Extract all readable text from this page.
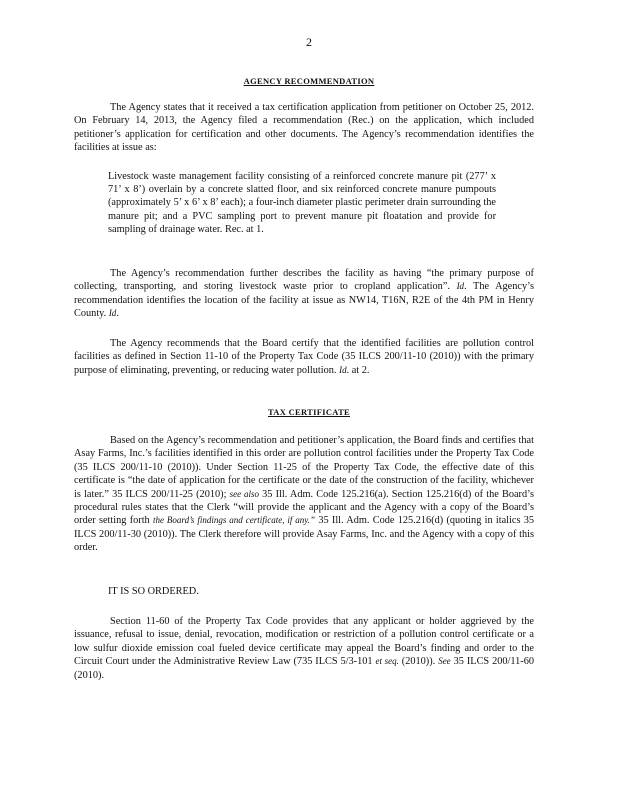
2
AGENCY RECOMMENDATION

The Agency states that it received a tax certification application from petitioner on October 25, 2012. On February 14, 2013, the Agency filed a recommendation (Rec.) on the application, which included petitioner’s application for certification and other documents. The Agency’s recommendation identifies the facilities at issue as:

Livestock waste management facility consisting of a reinforced concrete manure pit (277’ x 71’ x 8’) overlain by a concrete slatted floor, and six reinforced concrete manure pumpouts (approximately 5’ x 6’ x 8’ each); a four-inch diameter plastic perimeter drain surrounding the manure pit; and a PVC sampling port to prevent manure pit floatation and provide for sampling of drainage water. Rec. at 1.

The Agency’s recommendation further describes the facility as having “the primary purpose of collecting, transporting, and storing livestock waste prior to cropland application”. Id. The Agency’s recommendation identifies the location of the facility at issue as NW14, T16N, R2E of the 4th PM in Henry County. Id.

The Agency recommends that the Board certify that the identified facilities are pollution control facilities as defined in Section 11-10 of the Property Tax Code (35 ILCS 200/11-10 (2010)) with the primary purpose of eliminating, preventing, or reducing water pollution. Id. at 2.

TAX CERTIFICATE

Based on the Agency’s recommendation and petitioner’s application, the Board finds and certifies that Asay Farms, Inc.’s facilities identified in this order are pollution control facilities under the Property Tax Code (35 ILCS 200/11-10 (2010)). Under Section 11-25 of the Property Tax Code, the effective date of this certificate is “the date of application for the certificate or the date of the construction of the facility, whichever is later.” 35 ILCS 200/11-25 (2010); see also 35 Ill. Adm. Code 125.216(a). Section 125.216(d) of the Board’s procedural rules states that the Clerk “will provide the applicant and the Agency with a copy of the Board’s order setting forth the Board’s findings and certificate, if any.” 35 Ill. Adm. Code 125.216(d) (quoting in italics 35 ILCS 200/11-30 (2010)). The Clerk therefore will provide Asay Farms, Inc. and the Agency with a copy of this order.

IT IS SO ORDERED.

Section 11-60 of the Property Tax Code provides that any applicant or holder aggrieved by the issuance, refusal to issue, denial, revocation, modification or restriction of a pollution control certificate or a low sulfur dioxide emission coal fueled device certificate may appeal the Board’s finding and order to the Circuit Court under the Administrative Review Law (735 ILCS 5/3-101 et seq. (2010)). See 35 ILCS 200/11-60 (2010).
